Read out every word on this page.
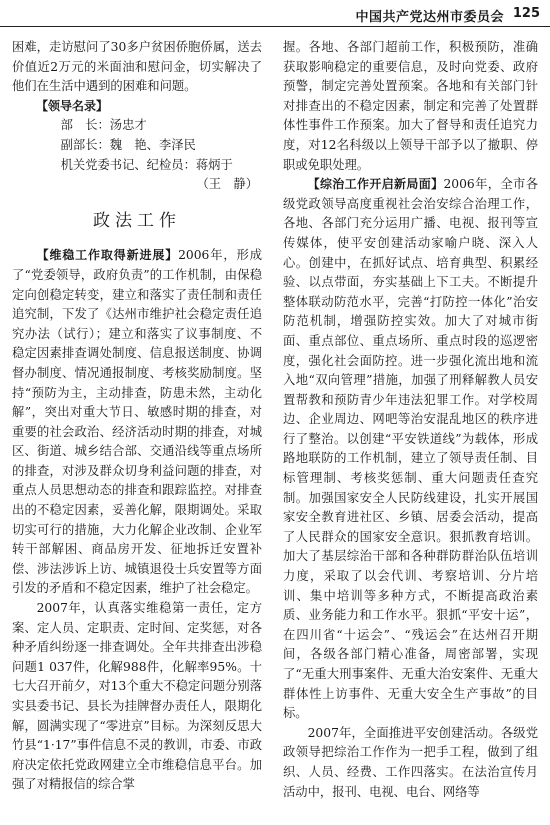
中国共产党达州市委员会 125

困难，走访慰问了30多户贫困侨胞侨属，送去价值近2万元的米面油和慰问金，切实解决了他们在生活中遇到的困难和问题。

【领导名录】

部　长：汤忠才

副部长：魏　艳、李泽民

机关党委书记、纪检员：蒋炳于

（王　静）

政法工作

【维稳工作取得新进展】2006年，形成了“党委领导，政府负责”的工作机制，由保稳定向创稳定转变，建立和落实了责任制和责任追究制，下发了《达州市维护社会稳定责任追究办法（试行）；建立和落实了议事制度、不稳定因素排查调处制度、信息报送制度、协调督办制度、情况通报制度、考核奖励制度。坚持“预防为主，主动排查，防患未然，主动化解”，突出对重大节日、敏感时期的排查，对重要的社会政治、经济活动时期的排查，对城区、街道、城乡结合部、交通沿线等重点场所的排查，对涉及群众切身利益问题的排查，对重点人员思想动态的排查和跟踪监控。对排查出的不稳定因素，妥善化解，限期调处。采取切实可行的措施，大力化解企业改制、企业军转干部解困、商品房开发、征地拆迁安置补偿、涉法涉诉上访、城镇退役士兵安置等方面引发的矛盾和不稳定因素，维护了社会稳定。

2007年，认真落实维稳第一责任，定方案、定人员、定职责、定时间、定奖惩，对各种矛盾纠纷逐一排查调处。全年共排查出涉稳问题1 037件，化解988件，化解率95%。十七大召开前夕，对13个重大不稳定问题分别落实县委书记、县长为挂牌督办责任人，限期化解，圆满实现了“零进京”目标。为深刻反思大竹县“1·17”事件信息不灵的教训，市委、市政府决定依托党政网建立全市维稳信息平台。加强了对精报信的综合掌

握。各地、各部门超前工作，积极预防，准确获取影响稳定的重要信息，及时向党委、政府预警，制定完善处置预案。各地和有关部门针对排查出的不稳定因素，制定和完善了处置群体性事件工作预案。加大了督导和责任追究力度，对12名科级以上领导干部予以了撤职、停职或免职处理。

【综治工作开启新局面】2006年，全市各级党政领导高度重视社会治安综合治理工作，各地、各部门充分运用广播、电视、报刊等宣传媒体，使平安创建活动家喻户晓、深入人心。创建中，在抓好试点、培育典型、积累经验、以点带面，夯实基础上下工夫。不断提升整体联动防范水平，完善“打防控一体化”治安防范机制，增强防控实效。加大了对城市街面、重点部位、重点场所、重点时段的巡逻密度，强化社会面防控。进一步强化流出地和流入地“双向管理”措施，加强了刑释解教人员安置帮教和预防青少年违法犯罪工作。对学校周边、企业周边、网吧等治安混乱地区的秩序进行了整治。以创建“平安铁道线”为载体，形成路地联防的工作机制，建立了领导责任制、目标管理制、考核奖惩制、重大问题责任查究制。加强国家安全人民防线建设，扎实开展国家安全教育进社区、乡镇、居委会活动，提高了人民群众的国家安全意识。狠抓教育培训。加大了基层综治干部和各种群防群治队伍培训力度，采取了以会代训、考察培训、分片培训、集中培训等多种方式，不断提高政治素质、业务能力和工作水平。狠抓“平安十运”，在四川省“十运会”、“残运会”在达州召开期间，各级各部门精心准备，周密部署，实现了“无重大刑事案件、无重大治安案件、无重大群体性上访事件、无重大安全生产事故”的目标。

2007年，全面推进平安创建活动。各级党政领导把综治工作作为一把手工程，做到了组织、人员、经费、工作四落实。在法治宣传月活动中，报刊、电视、电台、网络等
